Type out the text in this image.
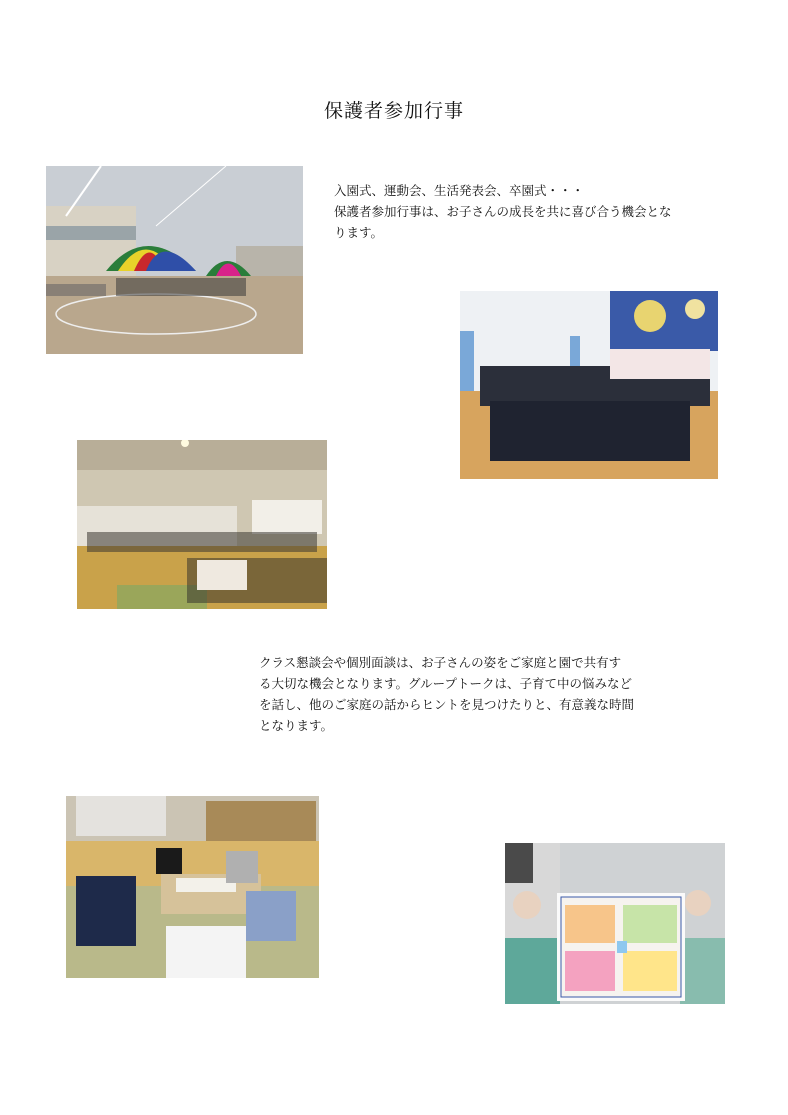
保護者参加行事

入園式、運動会、生活発表会、卒園式・・・

保護者参加行事は、お子さんの成長を共に喜び合う機会とな

ります。

クラス懇談会や個別面談は、お子さんの姿をご家庭と園で共有す

る大切な機会となります。グループトークは、子育て中の悩みなど

を話し、他のご家庭の話からヒントを見つけたりと、有意義な時間

となります。
